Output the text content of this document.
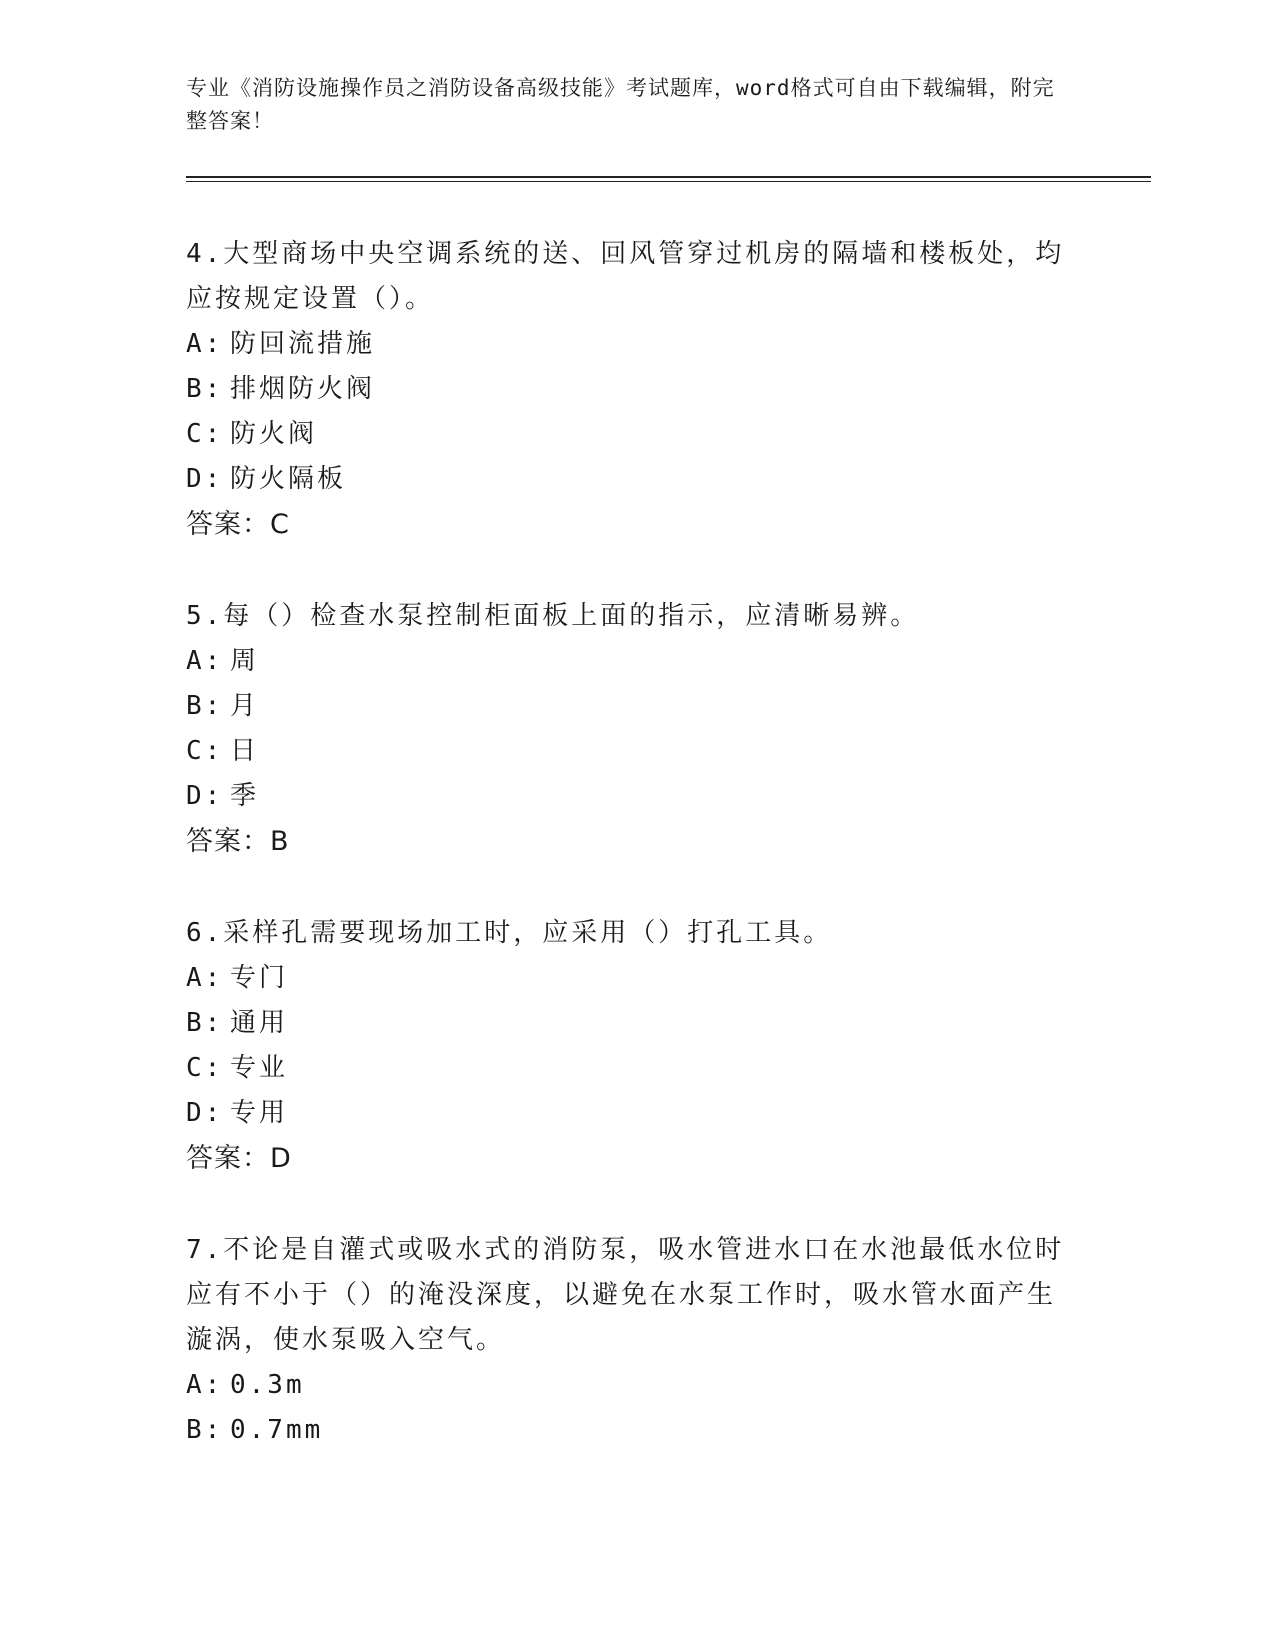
专业《消防设施操作员之消防设备高级技能》考试题库，word格式可自由下载编辑，附完整答案！

4.大型商场中央空调系统的送、回风管穿过机房的隔墙和楼板处，均应按规定设置（）。

A: 防回流措施

B: 排烟防火阀

C: 防火阀

D: 防火隔板

答案：C

5.每（）检查水泵控制柜面板上面的指示，应清晰易辨。

A: 周

B: 月

C: 日

D: 季

答案：B

6.采样孔需要现场加工时，应采用（）打孔工具。

A: 专门

B: 通用

C: 专业

D: 专用

答案：D

7.不论是自灌式或吸水式的消防泵，吸水管进水口在水池最低水位时应有不小于（）的淹没深度，以避免在水泵工作时，吸水管水面产生漩涡，使水泵吸入空气。

A: 0.3m

B: 0.7mm
